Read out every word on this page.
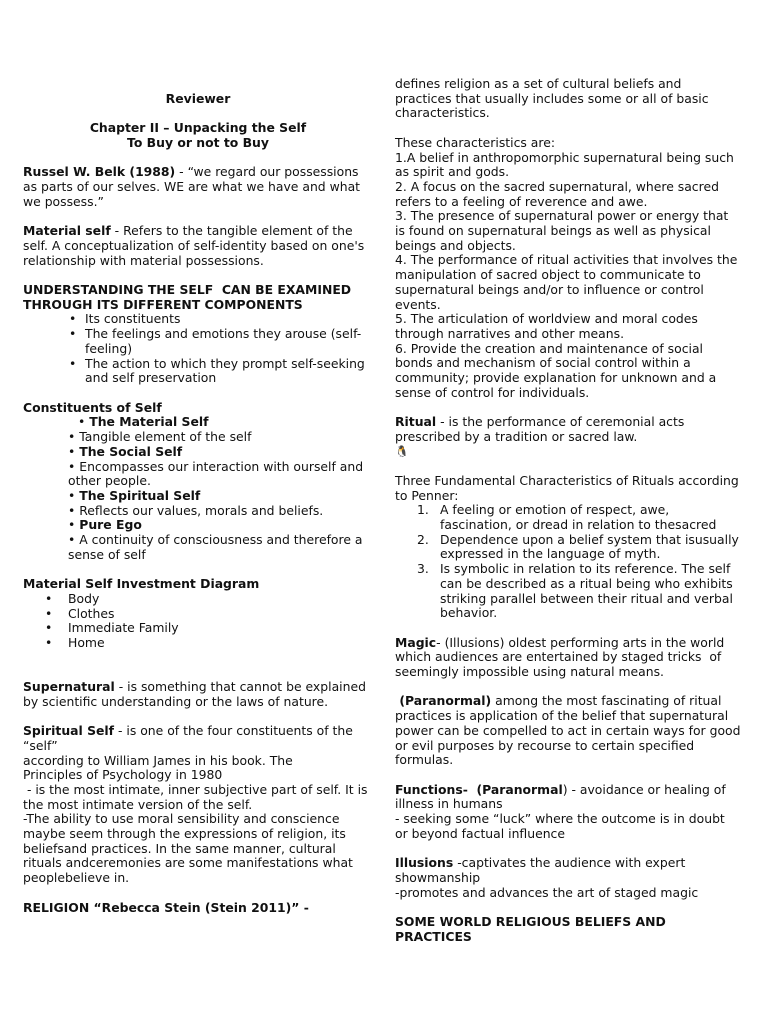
Reviewer
Chapter II – Unpacking the Self
To Buy or not to Buy
Russel W. Belk (1988) - “we regard our possessions
as parts of our selves. WE are what we have and what
we possess.”
Material self - Refers to the tangible element of the
self. A conceptualization of self-identity based on one's
relationship with material possessions.
UNDERSTANDING THE SELF  CAN BE EXAMINED
THROUGH ITS DIFFERENT COMPONENTS
• Its constituents
• The feelings and emotions they arouse (self-
feeling)
• The action to which they prompt self-seeking
and self preservation
Constituents of Self
• The Material Self
• Tangible element of the self
• The Social Self
• Encompasses our interaction with ourself and
other people.
• The Spiritual Self
• Reflects our values, morals and beliefs.
• Pure Ego
• A continuity of consciousness and therefore a
sense of self
Material Self Investment Diagram
• Body
• Clothes
• Immediate Family
• Home
Supernatural - is something that cannot be explained
by scientific understanding or the laws of nature.
Spiritual Self - is one of the four constituents of the
“self”
according to William James in his book. The
Principles of Psychology in 1980
- is the most intimate, inner subjective part of self. It is
the most intimate version of the self.
-The ability to use moral sensibility and conscience
maybe seem through the expressions of religion, its
beliefsand practices. In the same manner, cultural
rituals andceremonies are some manifestations what
peoplebelieve in.
RELIGION “Rebecca Stein (Stein 2011)” -
defines religion as a set of cultural beliefs and
practices that usually includes some or all of basic
characteristics.
These characteristics are:
1.A belief in anthropomorphic supernatural being such
as spirit and gods.
2. A focus on the sacred supernatural, where sacred
refers to a feeling of reverence and awe.
3. The presence of supernatural power or energy that
is found on supernatural beings as well as physical
beings and objects.
4. The performance of ritual activities that involves the
manipulation of sacred object to communicate to
supernatural beings and/or to influence or control
events.
5. The articulation of worldview and moral codes
through narratives and other means.
6. Provide the creation and maintenance of social
bonds and mechanism of social control within a
community; provide explanation for unknown and a
sense of control for individuals.
Ritual - is the performance of ceremonial acts
prescribed by a tradition or sacred law.
🐧
Three Fundamental Characteristics of Rituals according
to Penner:
1. A feeling or emotion of respect, awe,
fascination, or dread in relation to thesacred
2. Dependence upon a belief system that isusually
expressed in the language of myth.
3. Is symbolic in relation to its reference. The self
can be described as a ritual being who exhibits
striking parallel between their ritual and verbal
behavior.
Magic- (Illusions) oldest performing arts in the world
which audiences are entertained by staged tricks  of
seemingly impossible using natural means.
(Paranormal) among the most fascinating of ritual
practices is application of the belief that supernatural
power can be compelled to act in certain ways for good
or evil purposes by recourse to certain specified
formulas.
Functions-  (Paranormal) - avoidance or healing of
illness in humans
- seeking some “luck” where the outcome is in doubt
or beyond factual influence
Illusions -captivates the audience with expert
showmanship
-promotes and advances the art of staged magic
SOME WORLD RELIGIOUS BELIEFS AND
PRACTICES
